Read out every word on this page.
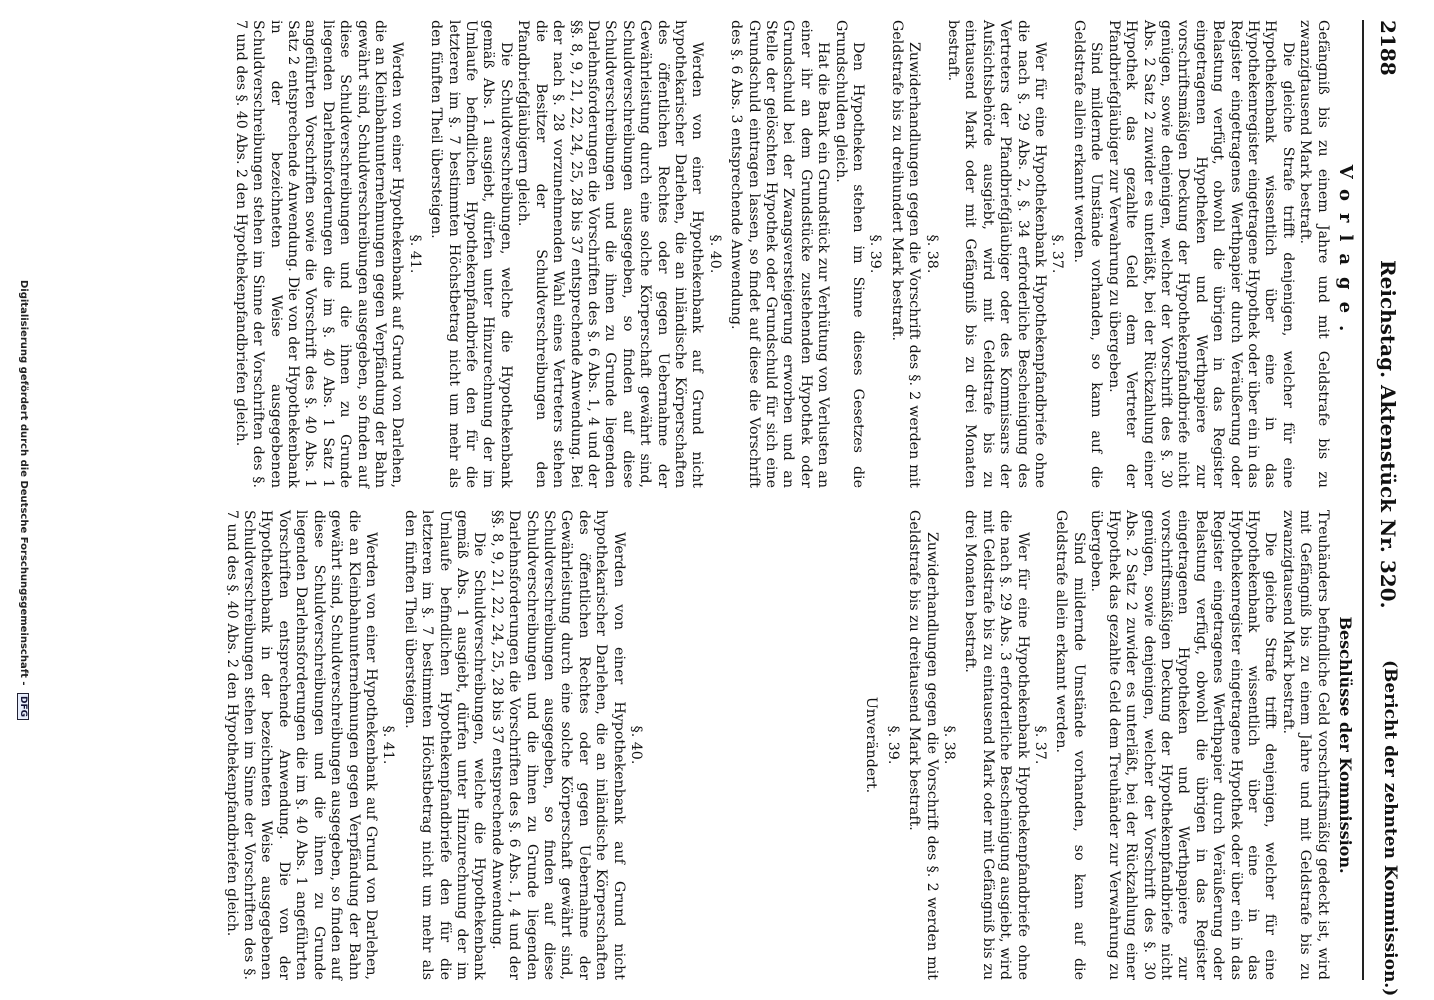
2188
Reichstag. Aktenstück Nr. 320.
(Bericht der zehnten Kommission.)
Vorlage.

Gefängniß bis zu einem Jahre und mit Geldstrafe bis zu zwanzigtausend Mark bestraft.

Die gleiche Strafe trifft denjenigen, welcher für eine Hypothekenbank wissentlich über eine in das Hypothekenregister eingetragene Hypothek oder über ein in das Register eingetragenes Werthpapier durch Veräußerung oder Belastung verfügt, obwohl die übrigen in das Register eingetragenen Hypotheken und Werthpapiere zur vorschriftsmäßigen Deckung der Hypothekenpfandbriefe nicht genügen, sowie denjenigen, welcher der Vorschrift des §. 30 Abs. 2 Satz 2 zuwider es unterläßt, bei der Rückzahlung einer Hypothek das gezahlte Geld dem Vertreter der Pfandbriefgläubiger zur Verwahrung zu übergeben.

Sind mildernde Umstände vorhanden, so kann auf die Geldstrafe allein erkannt werden.

§. 37.

Wer für eine Hypothekenbank Hypothekenpfandbriefe ohne die nach §. 29 Abs. 2, §. 34 erforderliche Bescheinigung des Vertreters der Pfandbriefgläubiger oder des Kommissars der Aufsichtsbehörde ausgiebt, wird mit Geldstrafe bis zu eintausend Mark oder mit Gefängniß bis zu drei Monaten bestraft.

§. 38.

Zuwiderhandlungen gegen die Vorschrift des §. 2 werden mit Geldstrafe bis zu dreihundert Mark bestraft.

§. 39.

Den Hypotheken stehen im Sinne dieses Gesetzes die Grundschulden gleich.

Hat die Bank ein Grundstück zur Verhütung von Verlusten an einer ihr an dem Grundstücke zustehenden Hypothek oder Grundschuld bei der Zwangsversteigerung erworben und an Stelle der gelöschten Hypothek oder Grundschuld für sich eine Grundschuld eintragen lassen, so findet auf diese die Vorschrift des §. 6 Abs. 3 entsprechende Anwendung.

§. 40.

Werden von einer Hypothekenbank auf Grund nicht hypothekarischer Darlehen, die an inländische Körperschaften des öffentlichen Rechtes oder gegen Uebernahme der Gewährleistung durch eine solche Körperschaft gewährt sind, Schuldverschreibungen ausgegeben, so finden auf diese Schuldverschreibungen und die ihnen zu Grunde liegenden Darlehnsforderungen die Vorschriften des §. 6 Abs. 1, 4 und der §§. 8, 9, 21, 22, 24, 25, 28 bis 37 entsprechende Anwendung. Bei der nach §. 28 vorzunehmenden Wahl eines Vertreters stehen die Besitzer der Schuldverschreibungen den Pfandbriefgläubigern gleich.

Die Schuldverschreibungen, welche die Hypothekenbank gemäß Abs. 1 ausgiebt, dürfen unter Hinzurechnung der im Umlaufe befindlichen Hypothekenpfandbriefe den für die letzteren im §. 7 bestimmten Höchstbetrag nicht um mehr als den fünften Theil übersteigen.

§. 41.

Werden von einer Hypothekenbank auf Grund von Darlehen, die an Kleinbahnunternehmungen gegen Verpfändung der Bahn gewährt sind, Schuldverschreibungen ausgegeben, so finden auf diese Schuldverschreibungen und die ihnen zu Grunde liegenden Darlehnsforderungen die im §. 40 Abs. 1 Satz 1 angeführten Vorschriften sowie die Vorschrift des §. 40 Abs. 1 Satz 2 entsprechende Anwendung. Die von der Hypothekenbank in der bezeichneten Weise ausgegebenen Schuldverschreibungen stehen im Sinne der Vorschriften des §. 7 und des §. 40 Abs. 2 den Hypothekenpfandbriefen gleich.

Beschlüsse der Kommission.

Treuhänders befindliche Geld vorschriftsmäßig gedeckt ist, wird mit Gefängniß bis zu einem Jahre und mit Geldstrafe bis zu zwanzigtausend Mark bestraft.

Die gleiche Strafe trifft denjenigen, welcher für eine Hypothekenbank wissentlich über eine in das Hypothekenregister eingetragene Hypothek oder über ein in das Register eingetragenes Werthpapier durch Veräußerung oder Belastung verfügt, obwohl die übrigen in das Register eingetragenen Hypotheken und Werthpapiere zur vorschriftsmäßigen Deckung der Hypothekenpfandbriefe nicht genügen, sowie denjenigen, welcher der Vorschrift des §. 30 Abs. 2 Satz 2 zuwider es unterläßt, bei der Rückzahlung einer Hypothek das gezahlte Geld dem Treuhänder zur Verwahrung zu übergeben.

Sind mildernde Umstände vorhanden, so kann auf die Geldstrafe allein erkannt werden.

§. 37.

Wer für eine Hypothekenbank Hypothekenpfandbriefe ohne die nach §. 29 Abs. 3 erforderliche Bescheinigung ausgiebt, wird mit Geldstrafe bis zu eintausend Mark oder mit Gefängniß bis zu drei Monaten bestraft.

§. 38.

Zuwiderhandlungen gegen die Vorschrift des §. 2 werden mit Geldstrafe bis zu dreitausend Mark bestraft.

§. 39.
Unverändert.
§. 40.

Werden von einer Hypothekenbank auf Grund nicht hypothekarischer Darlehen, die an inländische Körperschaften des öffentlichen Rechtes oder gegen Uebernahme der Gewährleistung durch eine solche Körperschaft gewährt sind, Schuldverschreibungen ausgegeben, so finden auf diese Schuldverschreibungen und die ihnen zu Grunde liegenden Darlehnsforderungen die Vorschriften des §. 6 Abs. 1, 4 und der §§. 8, 9, 21, 22, 24, 25, 28 bis 37 entsprechende Anwendung.

Die Schuldverschreibungen, welche die Hypothekenbank gemäß Abs. 1 ausgiebt, dürfen unter Hinzurechnung der im Umlaufe befindlichen Hypothekenpfandbriefe den für die letzteren im §. 7 bestimmten Höchstbetrag nicht um mehr als den fünften Theil übersteigen.

§. 41.

Werden von einer Hypothekenbank auf Grund von Darlehen, die an Kleinbahnunternehmungen gegen Verpfändung der Bahn gewährt sind, Schuldverschreibungen ausgegeben, so finden auf diese Schuldverschreibungen und die ihnen zu Grunde liegenden Darlehnsforderungen die im §. 40 Abs. 1 angeführten Vorschriften entsprechende Anwendung. Die von der Hypothekenbank in der bezeichneten Weise ausgegebenen Schuldverschreibungen stehen im Sinne der Vorschriften des §. 7 und des §. 40 Abs. 2 den Hypothekenpfandbriefen gleich.

Digitalisierung gefördert durch die Deutsche Forschungsgemeinschaft - DFG
